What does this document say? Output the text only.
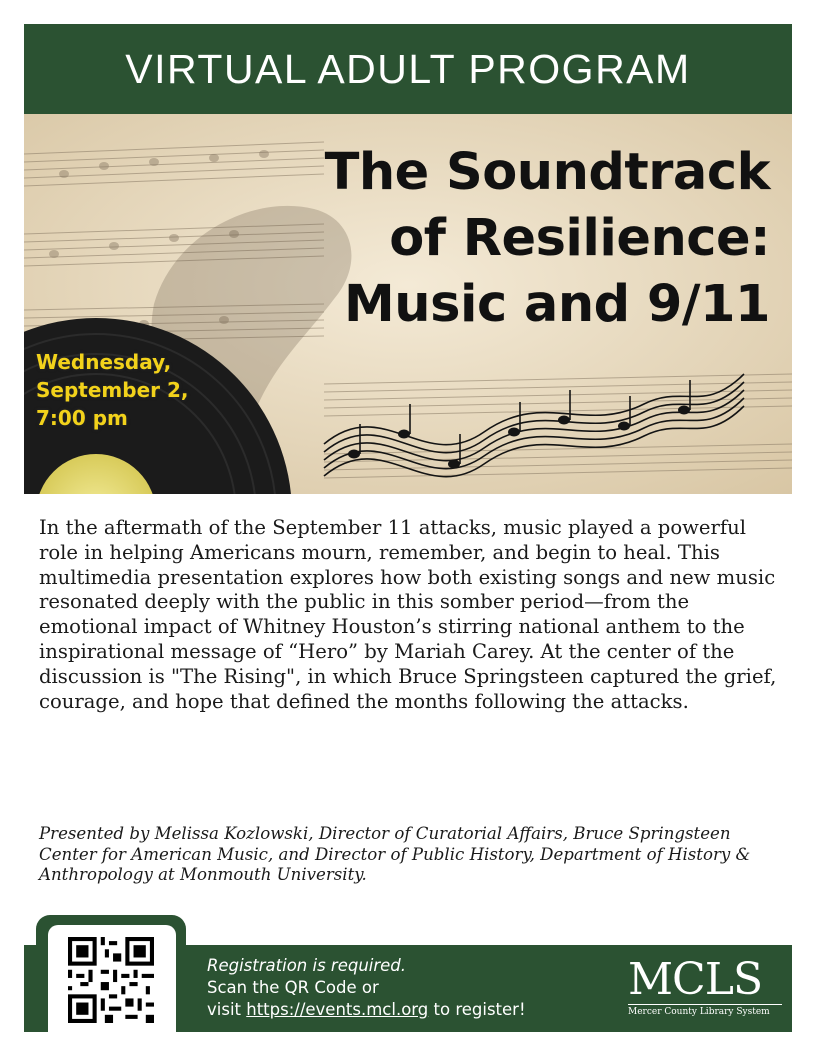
VIRTUAL ADULT PROGRAM
The Soundtrack
of Resilience:
Music and 9/11
Wednesday,
September 2,
7:00 pm

In the aftermath of the September 11 attacks, music played a powerful role in helping Americans mourn, remember, and begin to heal. This multimedia presentation explores how both existing songs and new music resonated deeply with the public in this somber period—from the emotional impact of Whitney Houston’s stirring national anthem to the inspirational message of “Hero” by Mariah Carey. At the center of the discussion is "The Rising", in which Bruce Springsteen captured the grief, courage, and hope that defined the months following the attacks.

Presented by Melissa Kozlowski, Director of Curatorial Affairs, Bruce Springsteen Center for American Music, and Director of Public History, Department of History & Anthropology at Monmouth University.

Registration is required.
Scan the QR Code or
visit https://events.mcl.org to register!
MCLS
Mercer County Library System
